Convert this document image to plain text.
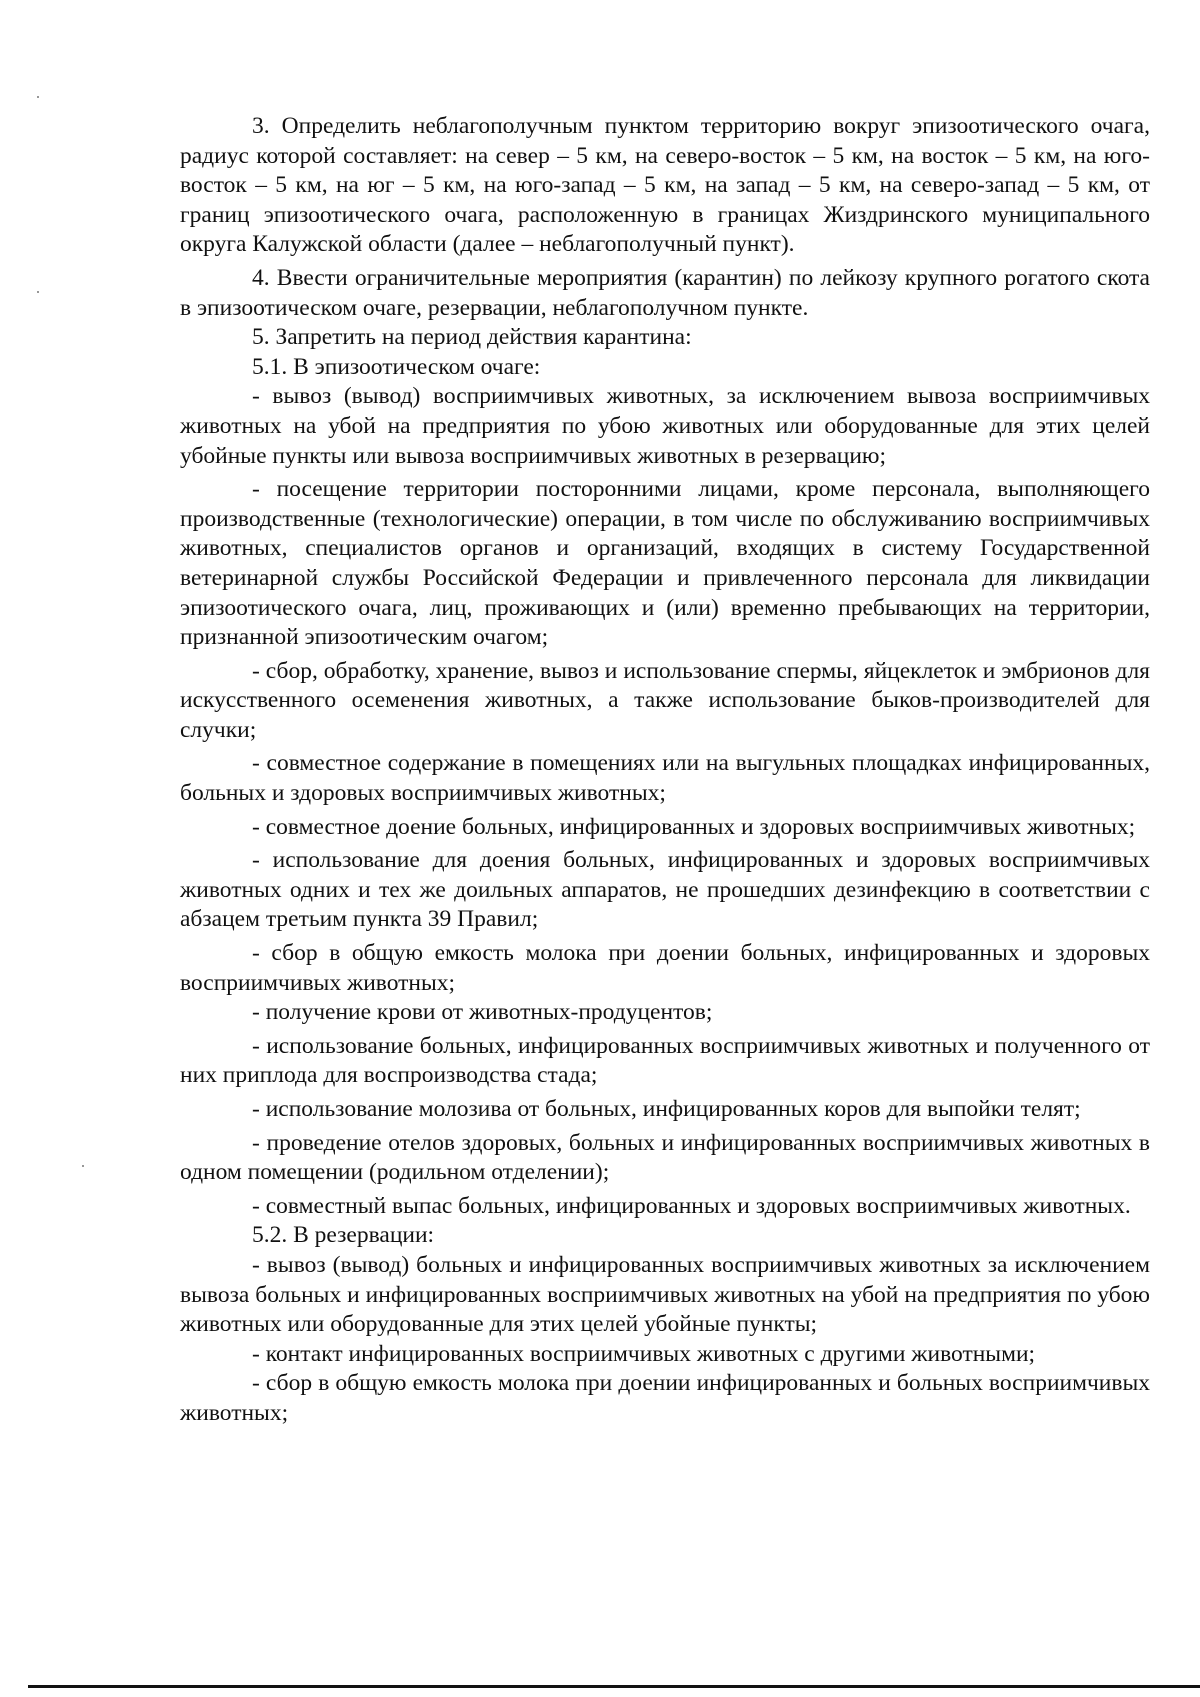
3. Определить неблагополучным пунктом территорию вокруг эпизоотического очага, радиус которой составляет: на север – 5 км, на северо-восток – 5 км, на восток – 5 км, на юго-восток – 5 км, на юг – 5 км, на юго-запад – 5 км, на запад – 5 км, на северо-запад – 5 км, от границ эпизоотического очага, расположенную в границах Жиздринского муниципального округа Калужской области (далее – неблагополучный пункт).

4. Ввести ограничительные мероприятия (карантин) по лейкозу крупного рогатого скота в эпизоотическом очаге, резервации, неблагополучном пункте.

5. Запретить на период действия карантина:

5.1. В эпизоотическом очаге:

- вывоз (вывод) восприимчивых животных, за исключением вывоза восприимчивых животных на убой на предприятия по убою животных или оборудованные для этих целей убойные пункты или вывоза восприимчивых животных в резервацию;

- посещение территории посторонними лицами, кроме персонала, выполняющего производственные (технологические) операции, в том числе по обслуживанию восприимчивых животных, специалистов органов и организаций, входящих в систему Государственной ветеринарной службы Российской Федерации и привлеченного персонала для ликвидации эпизоотического очага, лиц, проживающих и (или) временно пребывающих на территории, признанной эпизоотическим очагом;

- сбор, обработку, хранение, вывоз и использование спермы, яйцеклеток и эмбрионов для искусственного осеменения животных, а также использование быков-производителей для случки;

- совместное содержание в помещениях или на выгульных площадках инфицированных, больных и здоровых восприимчивых животных;

- совместное доение больных, инфицированных и здоровых восприимчивых животных;

- использование для доения больных, инфицированных и здоровых восприимчивых животных одних и тех же доильных аппаратов, не прошедших дезинфекцию в соответствии с абзацем третьим пункта 39 Правил;

- сбор в общую емкость молока при доении больных, инфицированных и здоровых восприимчивых животных;

- получение крови от животных-продуцентов;

- использование больных, инфицированных восприимчивых животных и полученного от них приплода для воспроизводства стада;

- использование молозива от больных, инфицированных коров для выпойки телят;

- проведение отелов здоровых, больных и инфицированных восприимчивых животных в одном помещении (родильном отделении);

- совместный выпас больных, инфицированных и здоровых восприимчивых животных.

5.2. В резервации:

- вывоз (вывод) больных и инфицированных восприимчивых животных за исключением вывоза больных и инфицированных восприимчивых животных на убой на предприятия по убою животных или оборудованные для этих целей убойные пункты;

- контакт инфицированных восприимчивых животных с другими животными;

- сбор в общую емкость молока при доении инфицированных и больных восприимчивых животных;
